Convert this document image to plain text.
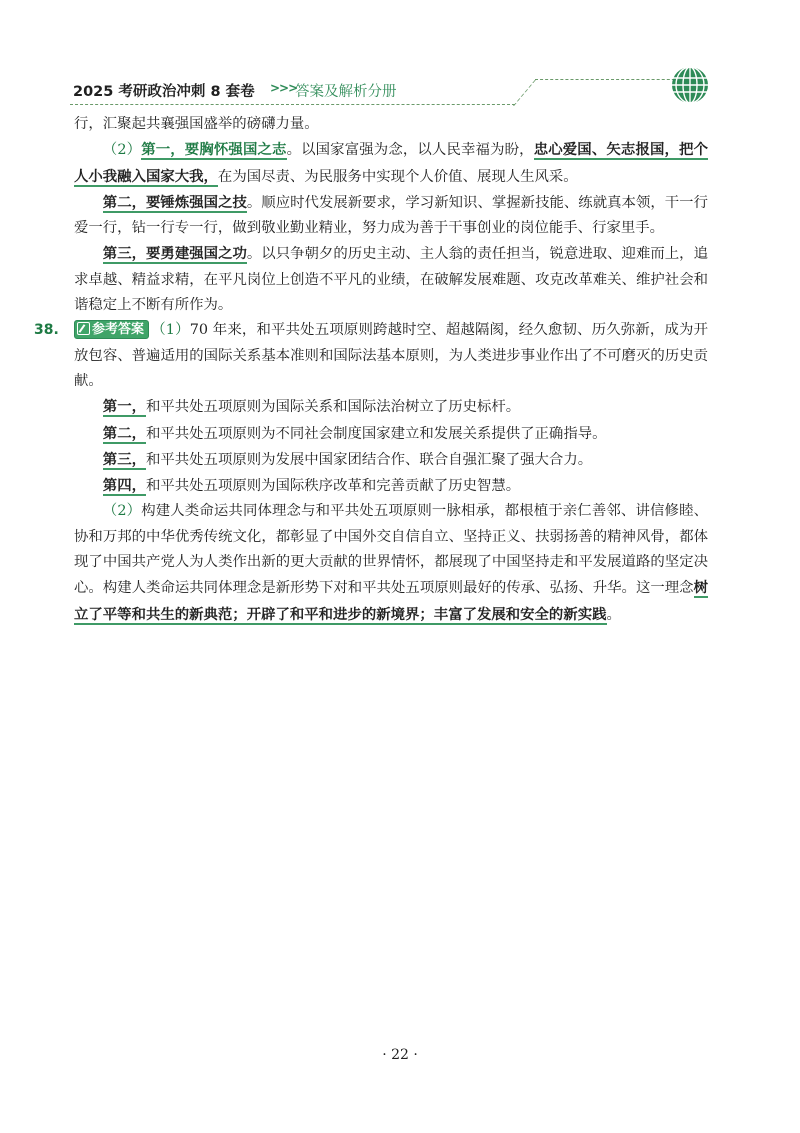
2025 考研政治冲刺 8 套卷 >>>
答案及解析分册

行，汇聚起共襄强国盛举的磅礴力量。

（2）第一，要胸怀强国之志。以国家富强为念，以人民幸福为盼，忠心爱国、矢志报国，把个人小我融入国家大我，在为国尽责、为民服务中实现个人价值、展现人生风采。

第二，要锤炼强国之技。顺应时代发展新要求，学习新知识、掌握新技能、练就真本领，干一行爱一行，钻一行专一行，做到敬业勤业精业，努力成为善于干事创业的岗位能手、行家里手。

第三，要勇建强国之功。以只争朝夕的历史主动、主人翁的责任担当，锐意进取、迎难而上，追求卓越、精益求精，在平凡岗位上创造不平凡的业绩，在破解发展难题、攻克改革难关、维护社会和谐稳定上不断有所作为。

38.	参考答案 （1）70 年来，和平共处五项原则跨越时空、超越隔阂，经久愈韧、历久弥新，成为开放包容、普遍适用的国际关系基本准则和国际法基本原则，为人类进步事业作出了不可磨灭的历史贡献。

第一，和平共处五项原则为国际关系和国际法治树立了历史标杆。

第二，和平共处五项原则为不同社会制度国家建立和发展关系提供了正确指导。

第三，和平共处五项原则为发展中国家团结合作、联合自强汇聚了强大合力。

第四，和平共处五项原则为国际秩序改革和完善贡献了历史智慧。

（2）构建人类命运共同体理念与和平共处五项原则一脉相承，都根植于亲仁善邻、讲信修睦、协和万邦的中华优秀传统文化，都彰显了中国外交自信自立、坚持正义、扶弱扬善的精神风骨，都体现了中国共产党人为人类作出新的更大贡献的世界情怀，都展现了中国坚持走和平发展道路的坚定决心。构建人类命运共同体理念是新形势下对和平共处五项原则最好的传承、弘扬、升华。这一理念树立了平等和共生的新典范；开辟了和平和进步的新境界；丰富了发展和安全的新实践。

· 22 ·
